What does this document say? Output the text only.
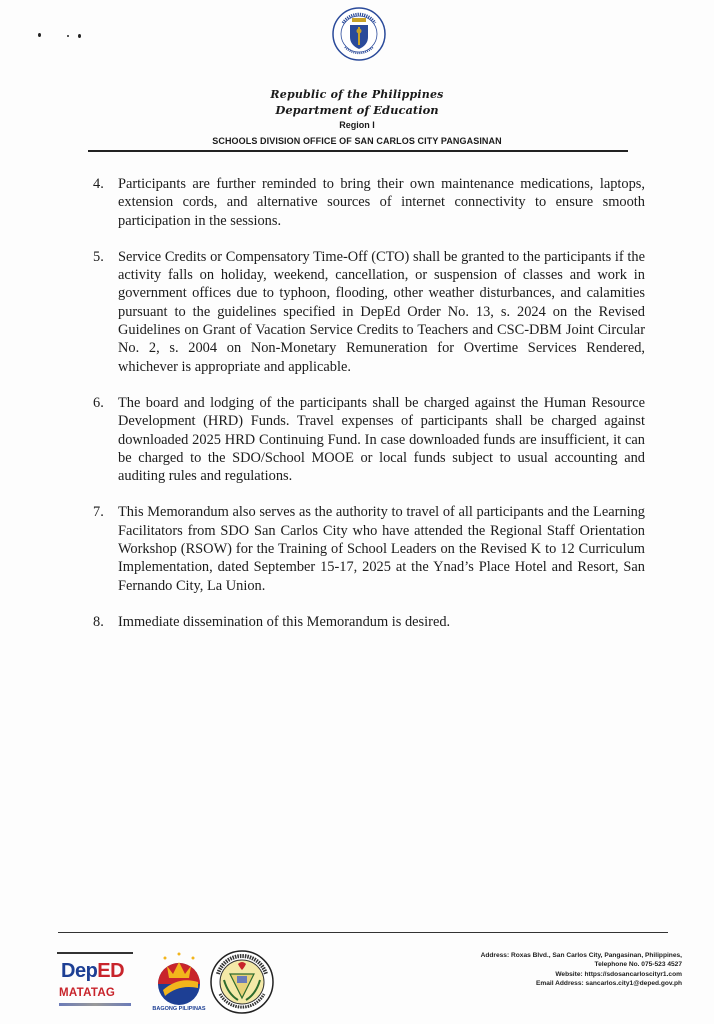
Republic of the Philippines
Department of Education
Region I
SCHOOLS DIVISION OFFICE OF SAN CARLOS CITY PANGASINAN
4. Participants are further reminded to bring their own maintenance medications, laptops, extension cords, and alternative sources of internet connectivity to ensure smooth participation in the sessions.
5. Service Credits or Compensatory Time-Off (CTO) shall be granted to the participants if the activity falls on holiday, weekend, cancellation, or suspension of classes and work in government offices due to typhoon, flooding, other weather disturbances, and calamities pursuant to the guidelines specified in DepEd Order No. 13, s. 2024 on the Revised Guidelines on Grant of Vacation Service Credits to Teachers and CSC-DBM Joint Circular No. 2, s. 2004 on Non-Monetary Remuneration for Overtime Services Rendered, whichever is appropriate and applicable.
6. The board and lodging of the participants shall be charged against the Human Resource Development (HRD) Funds. Travel expenses of participants shall be charged against downloaded 2025 HRD Continuing Fund. In case downloaded funds are insufficient, it can be charged to the SDO/School MOOE or local funds subject to usual accounting and auditing rules and regulations.
7. This Memorandum also serves as the authority to travel of all participants and the Learning Facilitators from SDO San Carlos City who have attended the Regional Staff Orientation Workshop (RSOW) for the Training of School Leaders on the Revised K to 12 Curriculum Implementation, dated September 15-17, 2025 at the Ynad’s Place Hotel and Resort, San Fernando City, La Union.
8. Immediate dissemination of this Memorandum is desired.
DepED
MATATAG
BAGONG PILIPINAS
Address: Roxas Blvd., San Carlos City, Pangasinan, Philippines,
Telephone No. 075-523 4527
Website: https://sdosancarloscityr1.com
Email Address: sancarlos.city1@deped.gov.ph
